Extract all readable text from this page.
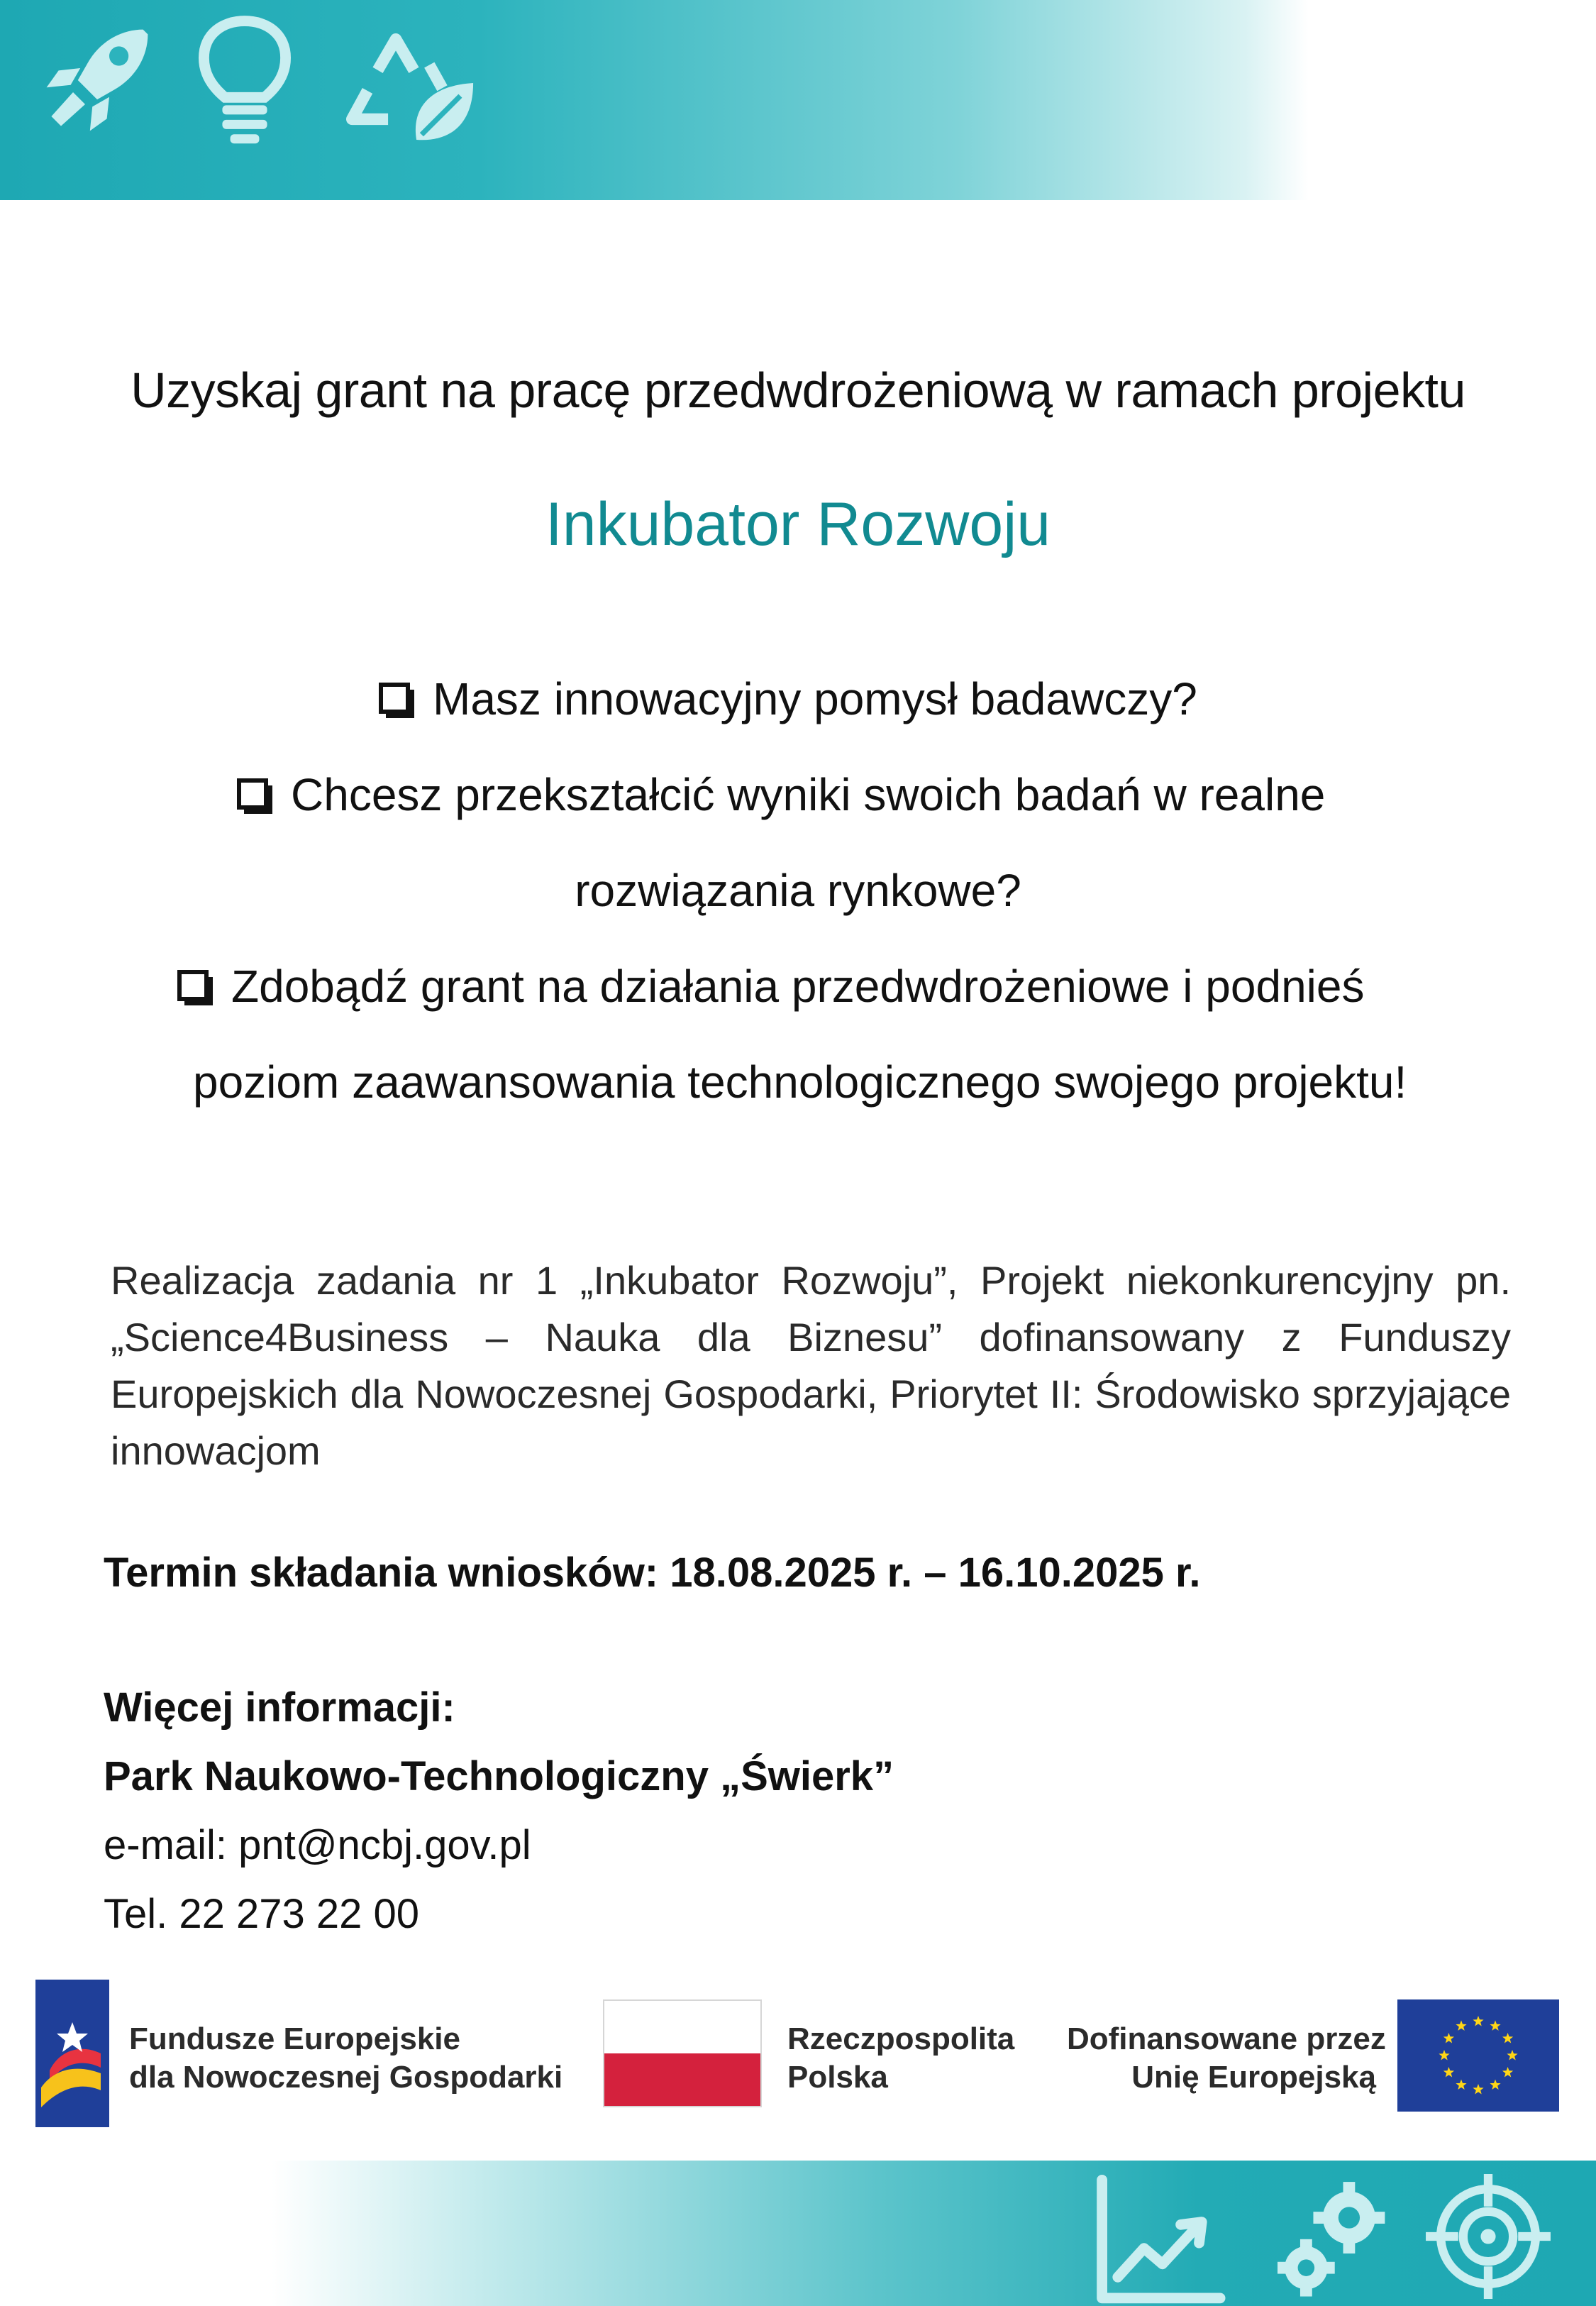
Uzyskaj grant na pracę przedwdrożeniową w ramach projektu
Inkubator Rozwoju
Masz innowacyjny pomysł badawczy?
Chcesz przekształcić wyniki swoich badań w realne
rozwiązania rynkowe?
Zdobądź grant na działania przedwdrożeniowe i podnieś
poziom zaawansowania technologicznego swojego projektu!
Realizacja zadania nr 1 „Inkubator Rozwoju”, Projekt niekonkurencyjny pn. „Science4Business – Nauka dla Biznesu” dofinansowany z Funduszy Europejskich dla Nowoczesnej Gospodarki, Priorytet II: Środowisko sprzyjające innowacjom
Termin składania wniosków: 18.08.2025 r. – 16.10.2025 r.
Więcej informacji:
Park Naukowo-Technologiczny „Świerk”
e-mail: pnt@ncbj.gov.pl
Tel. 22 273 22 00
Fundusze Europejskie
dla Nowoczesnej Gospodarki
Rzeczpospolita
Polska
Dofinansowane przez
Unię Europejską
